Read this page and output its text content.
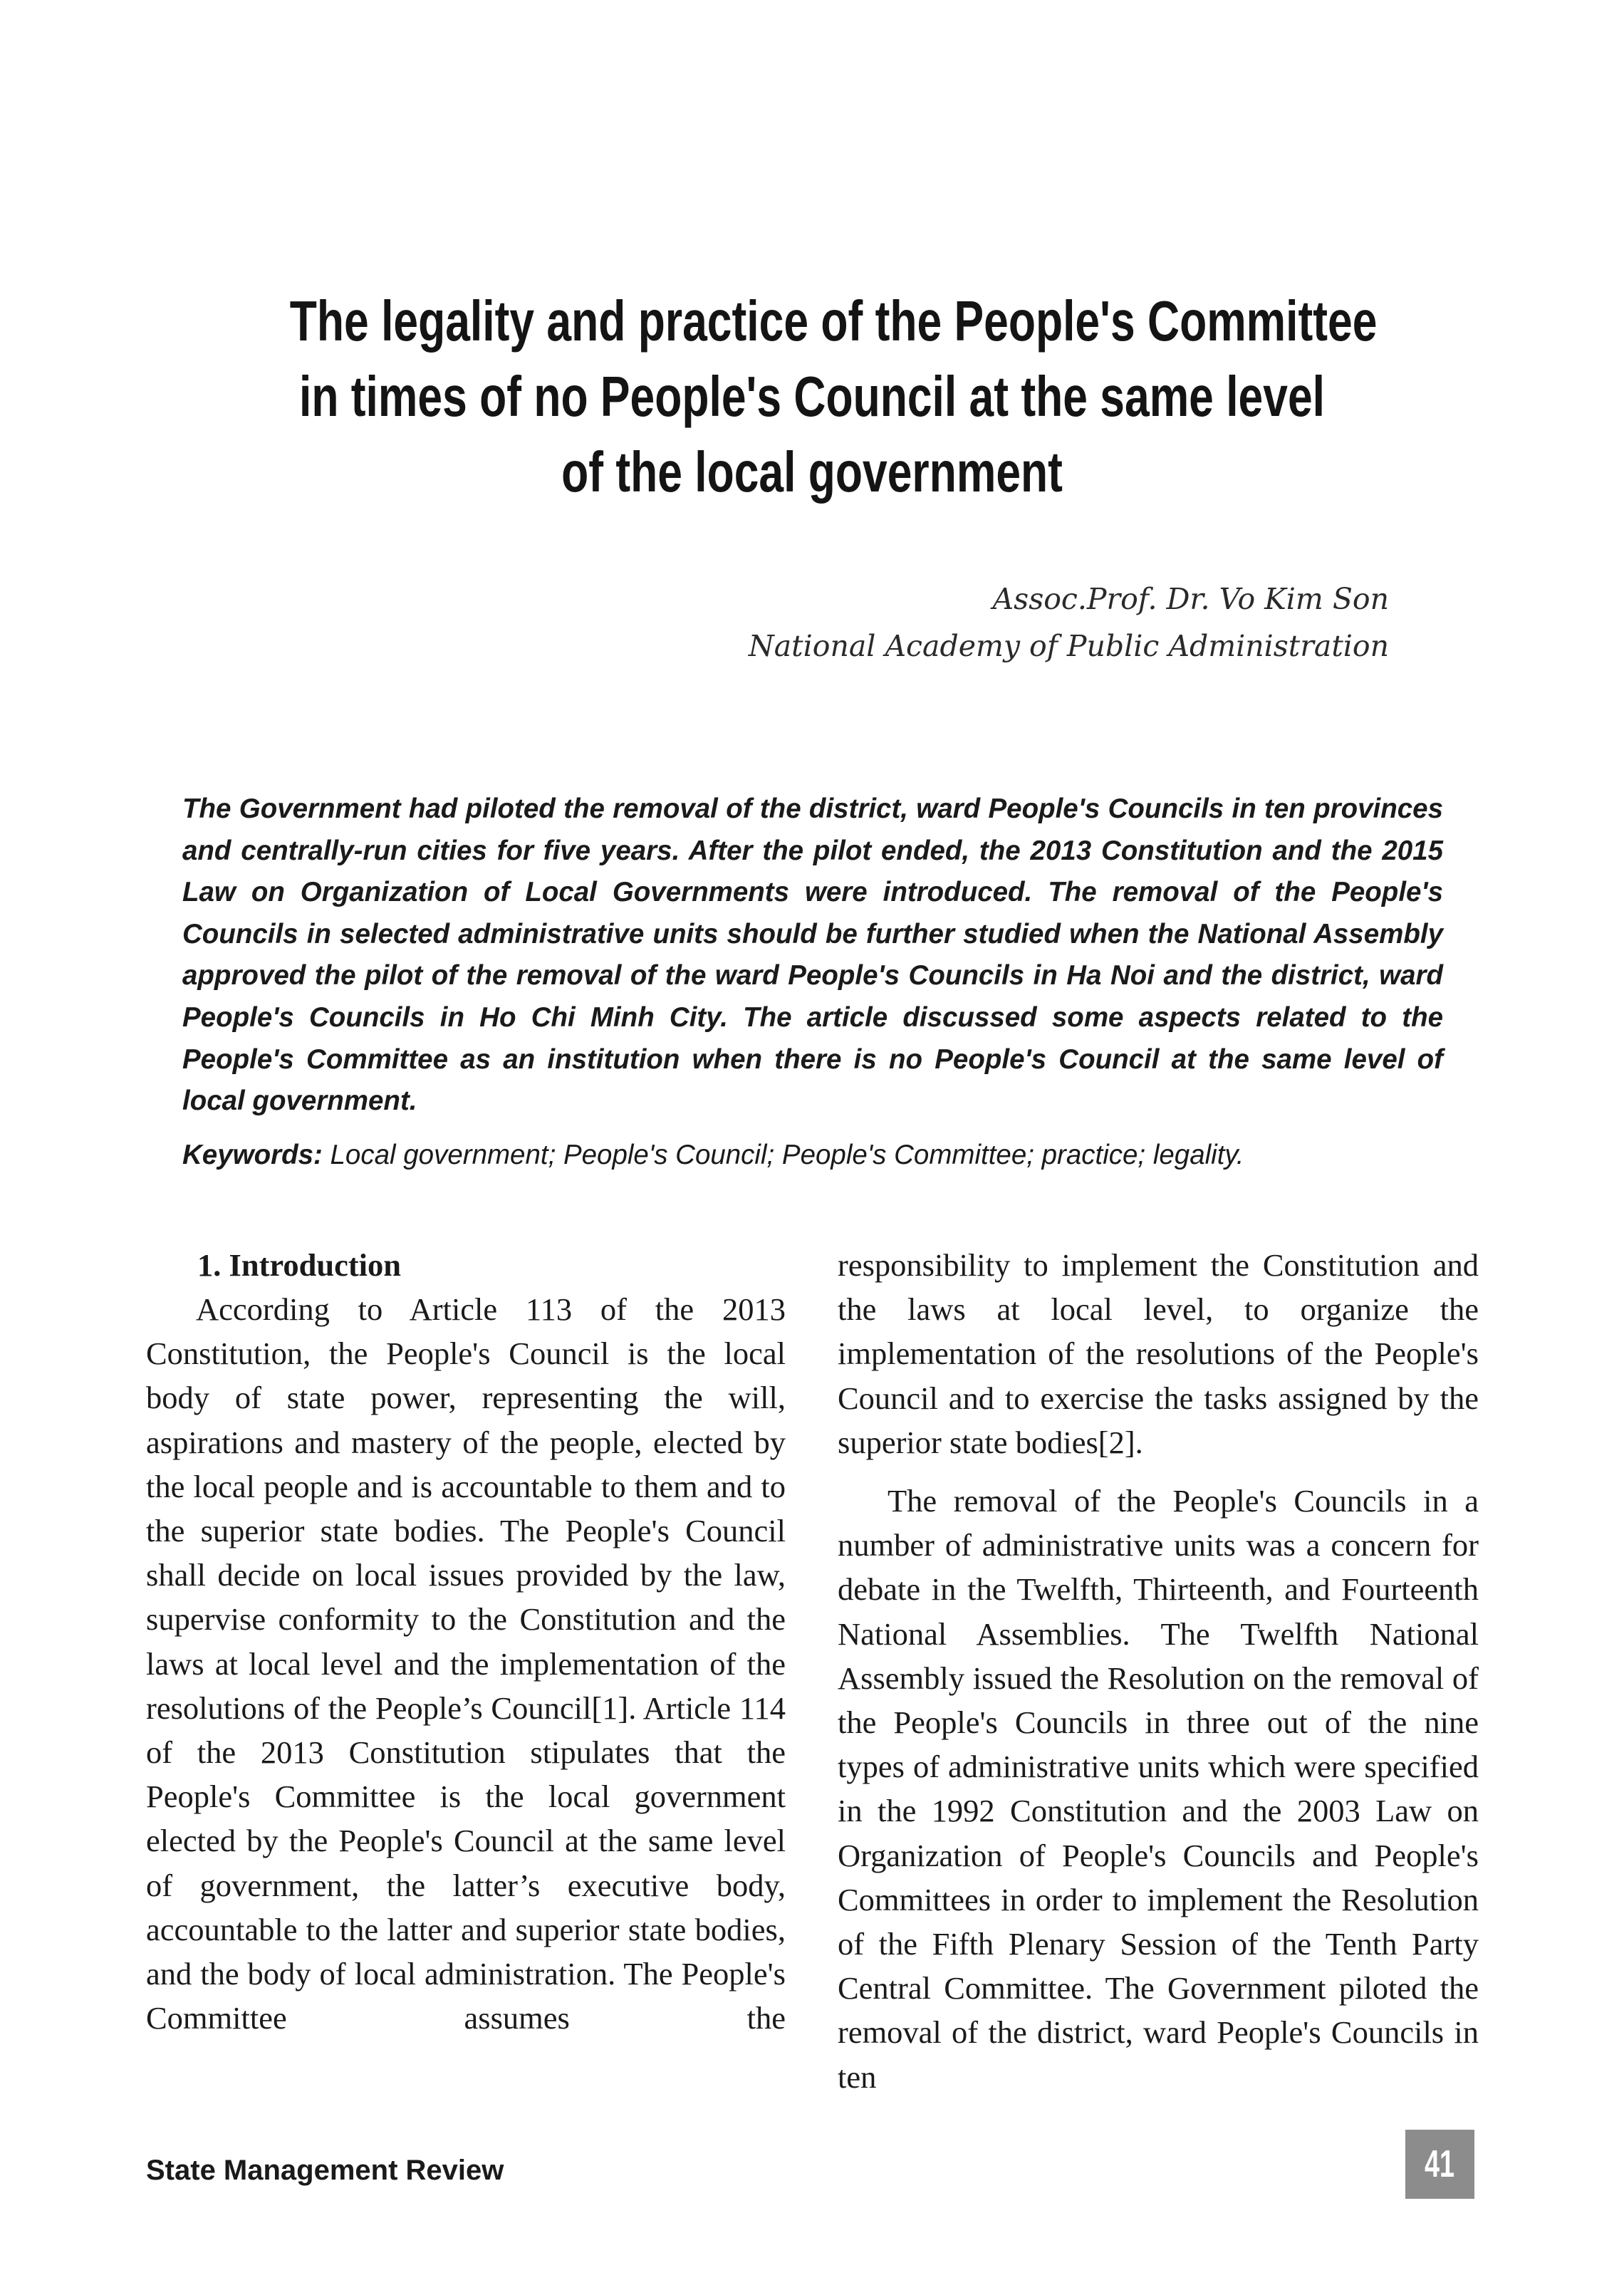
The legality and practice of the People's Committee
in times of no People's Council at the same level
of the local government
Assoc.Prof. Dr. Vo Kim Son
National Academy of Public Administration
The Government had piloted the removal of the district, ward People's Councils in ten provinces and centrally-run cities for five years. After the pilot ended, the 2013 Constitution and the 2015 Law on Organization of Local Governments were introduced. The removal of the People's Councils in selected administrative units should be further studied when the National Assembly approved the pilot of the removal of the ward People's Councils in Ha Noi and the district, ward People's Councils in Ho Chi Minh City. The article discussed some aspects related to the People's Committee as an institution when there is no People's Council at the same level of local government.
Keywords: Local government; People's Council; People's Committee; practice; legality.

1. Introduction

According to Article 113 of the 2013 Constitution, the People's Council is the local body of state power, representing the will, aspirations and mastery of the people, elected by the local people and is accountable to them and to the superior state bodies. The People's Council shall decide on local issues provided by the law, supervise conformity to the Constitution and the laws at local level and the implementation of the resolutions of the People’s Council[1]. Article 114 of the 2013 Constitution stipulates that the People's Committee is the local government elected by the People's Council at the same level of government, the latter’s executive body, accountable to the latter and superior state bodies, and the body of local administration. The People's Committee assumes the

responsibility to implement the Constitution and the laws at local level, to organize the implementation of the resolutions of the People's Council and to exercise the tasks assigned by the superior state bodies[2].

The removal of the People's Councils in a number of administrative units was a concern for debate in the Twelfth, Thirteenth, and Fourteenth National Assemblies. The Twelfth National Assembly issued the Resolution on the removal of the People's Councils in three out of the nine types of administrative units which were specified in the 1992 Constitution and the 2003 Law on Organization of People's Councils and People's Committees in order to implement the Resolution of the Fifth Plenary Session of the Tenth Party Central Committee. The Government piloted the removal of the district, ward People's Councils in ten

State Management Review	41
